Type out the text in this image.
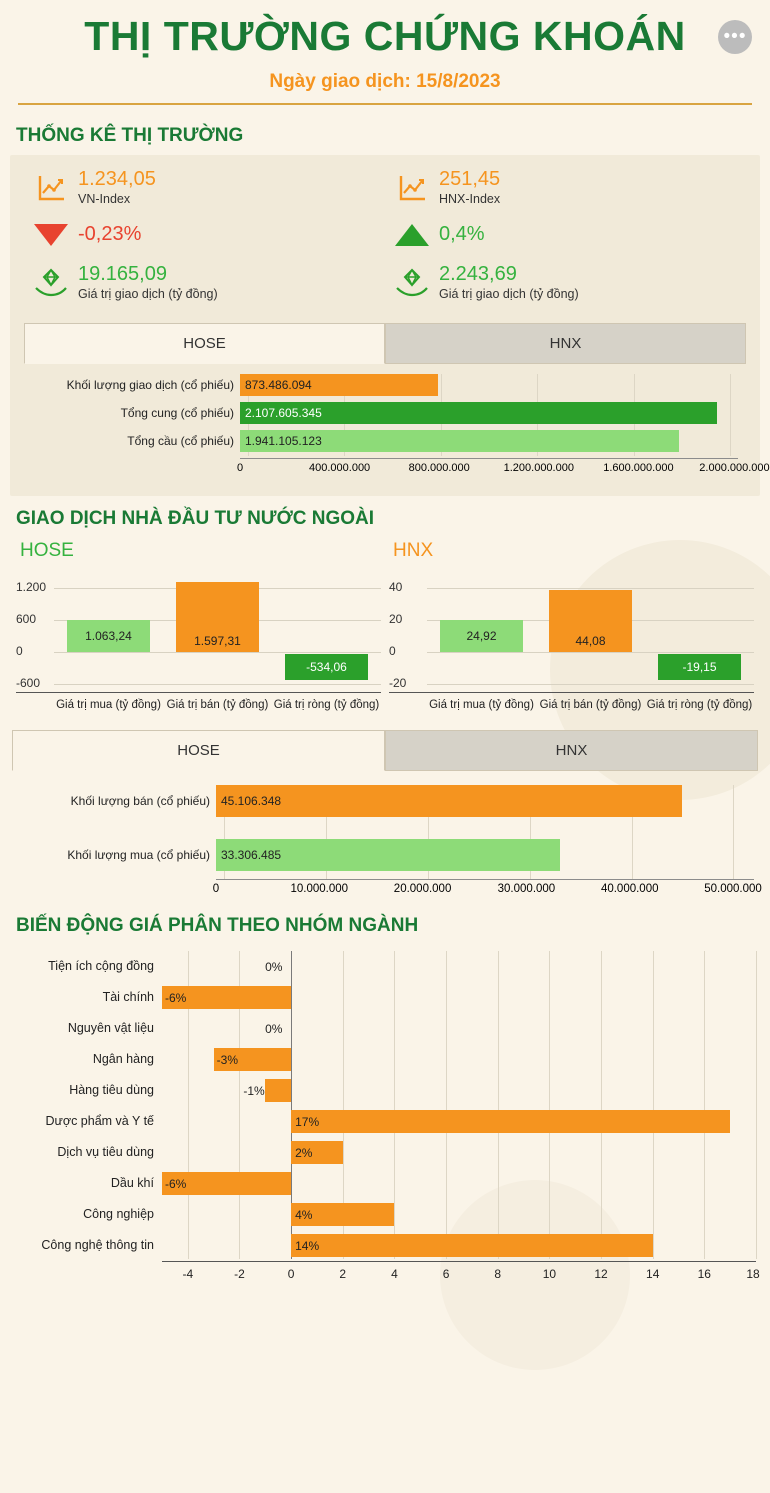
•••
THỊ TRƯỜNG CHỨNG KHOÁN
Ngày giao dịch: 15/8/2023
THỐNG KÊ THỊ TRƯỜNG
1.234,05
VN-Index
-0,23%
19.165,09
Giá trị giao dịch (tỷ đồng)
251,45
HNX-Index
0,4%
2.243,69
Giá trị giao dịch (tỷ đồng)
HOSE	HNX
Khối lượng giao dịch (cổ phiếu) 873.486.094
Tổng cung (cổ phiếu) 2.107.605.345
Tổng cầu (cổ phiếu) 1.941.105.123
0	400.000.000	800.000.000	1.200.000.000	1.600.000.000 2.000.000.000
GIAO DỊCH NHÀ ĐẦU TƯ NƯỚC NGOÀI
HOSE
1.200
600
0
-600
1.063,24	1.597,31
-534,06
Giá trị mua (tỷ đồng) Giá trị bán (tỷ đồng) Giá trị ròng (tỷ đồng)
HNX
40
20
0
-20
24,92	44,08
-19,15
Giá trị mua (tỷ đồng) Giá trị bán (tỷ đồng) Giá trị ròng (tỷ đồng)
HOSE	HNX
Khối lượng bán (cổ phiếu) 45.106.348
Khối lượng mua (cổ phiếu) 33.306.485
0	10.000.000	20.000.000	30.000.000	40.000.000	50.000.000
BIẾN ĐỘNG GIÁ PHÂN THEO NHÓM NGÀNH
Tiện ích cộng đồng	0%
Tài chính -6%
Nguyên vật liệu	0%
Ngân hàng	-3%
Hàng tiêu dùng	-1%
Dược phẩm và Y tế	17%
Dịch vụ tiêu dùng	2%
Dầu khí -6%
Công nghiệp	4%
Công nghệ thông tin	14%
-4	-2	0	2	4	6	8	10	12	14	16	18
